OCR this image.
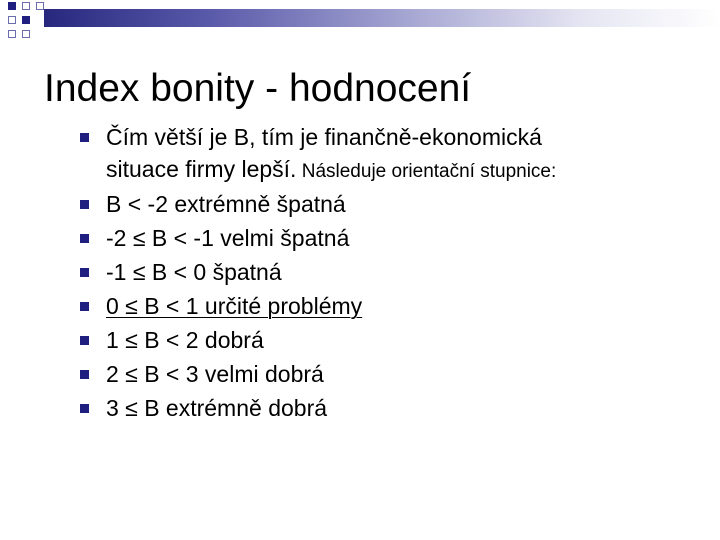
Index bonity - hodnocení
Čím větší je B, tím je finančně-ekonomická
situace firmy lepší. Následuje orientační stupnice:
B < -2 extrémně špatná
-2 ≤ B < -1 velmi špatná
-1 ≤ B < 0 špatná
0 ≤ B < 1 určité problémy
1 ≤ B < 2 dobrá
2 ≤ B < 3 velmi dobrá
3 ≤ B extrémně dobrá
